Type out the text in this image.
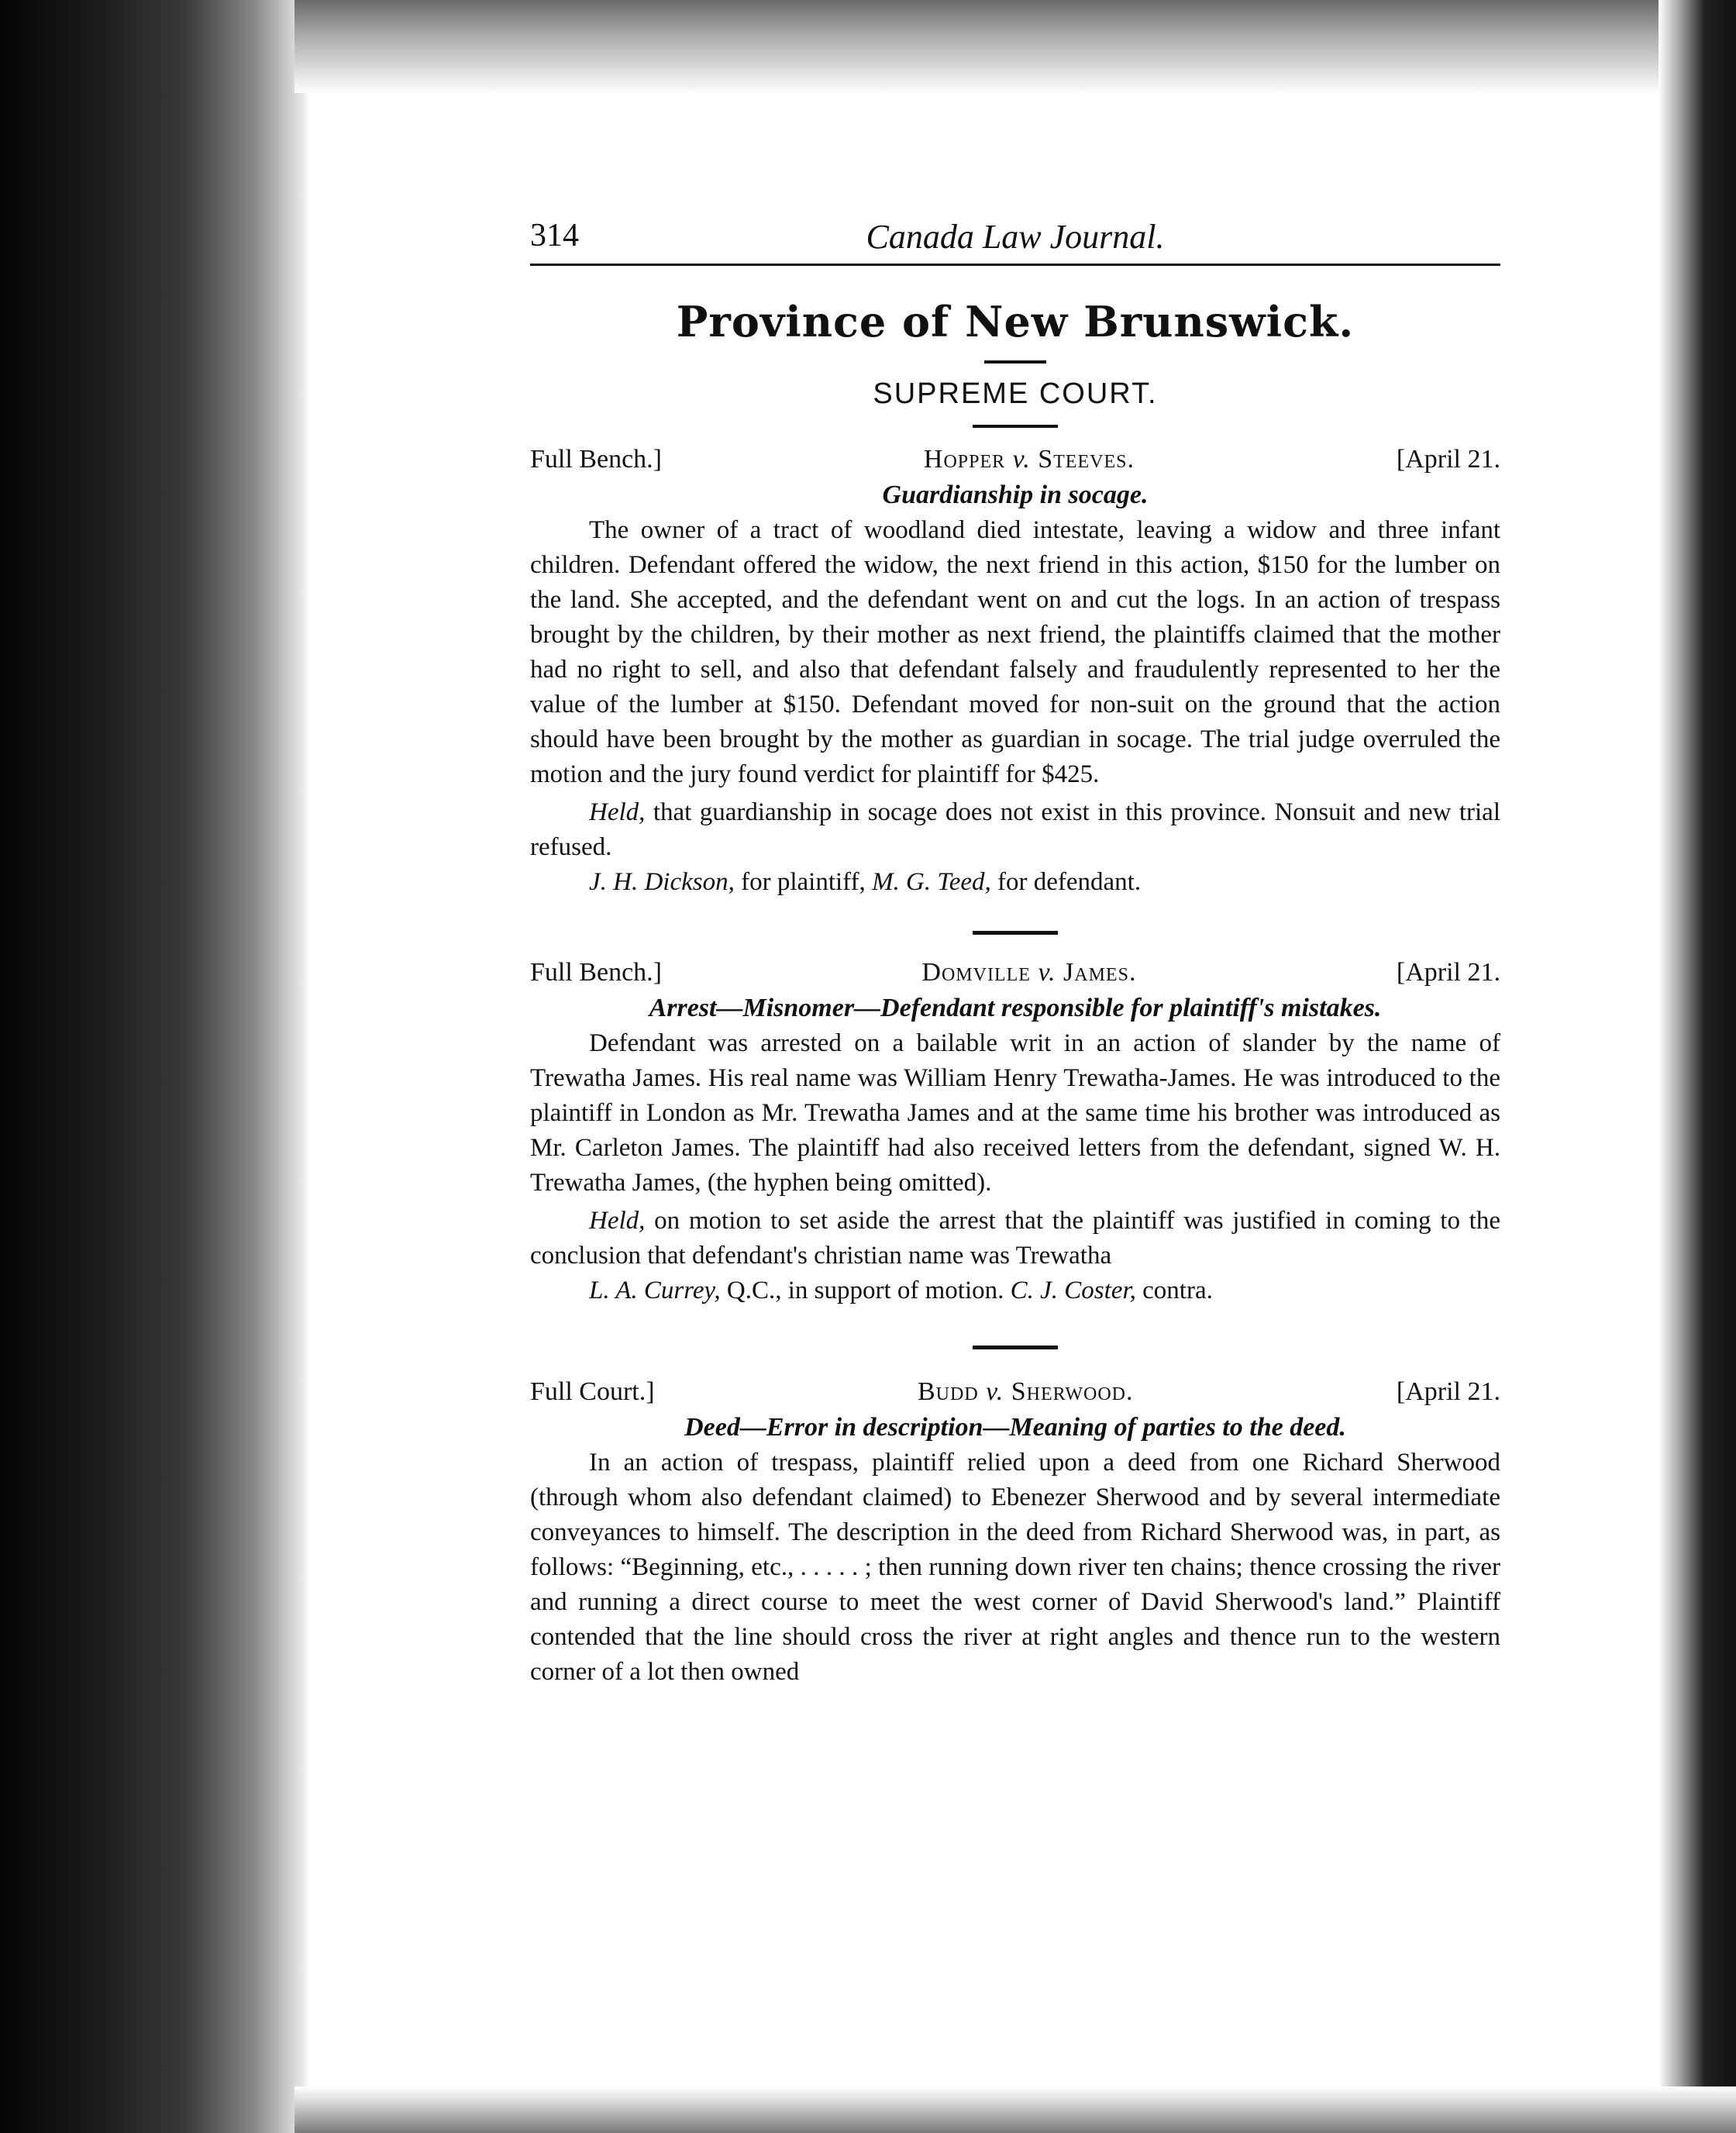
314	Canada Law Journal.
Province of New Brunswick.
SUPREME COURT.
Full Bench.]	Hopper v. Steeves.	[April 21.
Guardianship in socage.

The owner of a tract of woodland died intestate, leaving a widow and three infant children. Defendant offered the widow, the next friend in this action, $150 for the lumber on the land. She accepted, and the defendant went on and cut the logs. In an action of trespass brought by the children, by their mother as next friend, the plaintiffs claimed that the mother had no right to sell, and also that defendant falsely and fraudulently represented to her the value of the lumber at $150. Defendant moved for non-suit on the ground that the action should have been brought by the mother as guardian in socage. The trial judge overruled the motion and the jury found verdict for plaintiff for $425.

Held, that guardianship in socage does not exist in this province. Nonsuit and new trial refused.

J. H. Dickson, for plaintiff, M. G. Teed, for defendant.

Full Bench.]	Domville v. James.	[April 21.
Arrest—Misnomer—Defendant responsible for plaintiff's mistakes.

Defendant was arrested on a bailable writ in an action of slander by the name of Trewatha James. His real name was William Henry Trewatha-James. He was introduced to the plaintiff in London as Mr. Trewatha James and at the same time his brother was introduced as Mr. Carleton James. The plaintiff had also received letters from the defendant, signed W. H. Trewatha James, (the hyphen being omitted).

Held, on motion to set aside the arrest that the plaintiff was justified in coming to the conclusion that defendant's christian name was Trewatha

L. A. Currey, Q.C., in support of motion. C. J. Coster, contra.

Full Court.]	Budd v. Sherwood.	[April 21.
Deed—Error in description—Meaning of parties to the deed.

In an action of trespass, plaintiff relied upon a deed from one Richard Sherwood (through whom also defendant claimed) to Ebenezer Sherwood and by several intermediate conveyances to himself. The description in the deed from Richard Sherwood was, in part, as follows: “Beginning, etc., . . . . . ; then running down river ten chains; thence crossing the river and running a direct course to meet the west corner of David Sherwood's land.” Plaintiff contended that the line should cross the river at right angles and thence run to the western corner of a lot then owned
